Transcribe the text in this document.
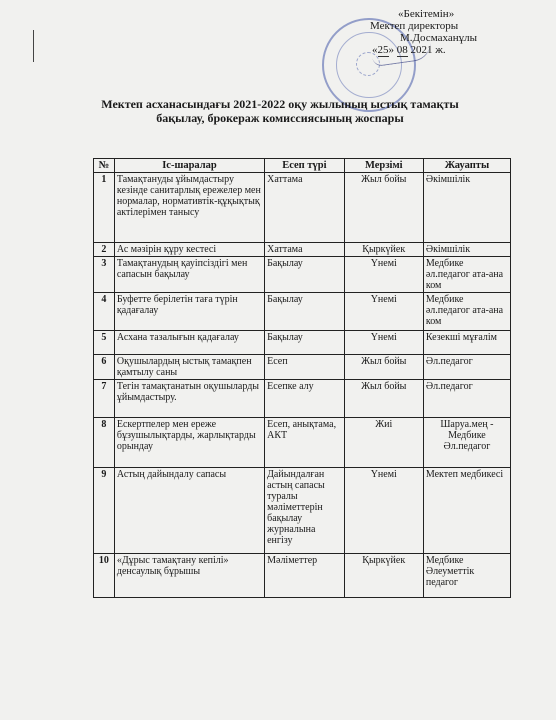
«Бекітемін»
Мектеп директоры
М.Досмаханұлы
«25» 08 2021 ж.
Мектеп асханасындағы 2021-2022 оқу жылының ыстық тамақты
бақылау, брокераж комиссиясының жоспары
№	Іс-шаралар	Есеп түрі	Мерзімі	Жауапты
1	Тамақтануды ұйымдастыру кезінде санитарлық ережелер мен нормалар, нормативтік-құқықтық актілерімен танысу	Хаттама	Жыл бойы	Әкімшілік
2	Ас мәзірін құру кестесі	Хаттама	Қыркүйек	Әкімшілік
3	Тамақтанудың қауіпсіздігі мен сапасын бақылау	Бақылау	Үнемі	Медбике әл.педагог ата-ана ком
4	Буфетте берілетін таға түрін қадағалау	Бақылау	Үнемі	Медбике әл.педагог ата-ана ком
5	Асхана тазалығын қадағалау	Бақылау	Үнемі	Кезекші мұғалім
6	Оқушылардың ыстық тамақпен қамтылу саны	Есеп	Жыл бойы	Әл.педагог
7	Тегін тамақтанатын оқушыларды ұйымдастыру.	Есепке алу	Жыл бойы	Әл.педагог
8	Ескертпелер мен ереже бұзушылықтарды, жарлықтарды орындау	Есеп, анықтама, АКТ	Жиі	Шаруа.мең - Медбике Әл.педагог
9	Астың дайындалу сапасы	Дайындалған астың сапасы туралы мәліметтерін бақылау журналына енгізу	Үнемі	Мектеп медбикесі
10	«Дұрыс тамақтану кепілі» денсаулық бұрышы	Мәліметтер	Қыркүйек	Медбике Әлеуметтік педагог
